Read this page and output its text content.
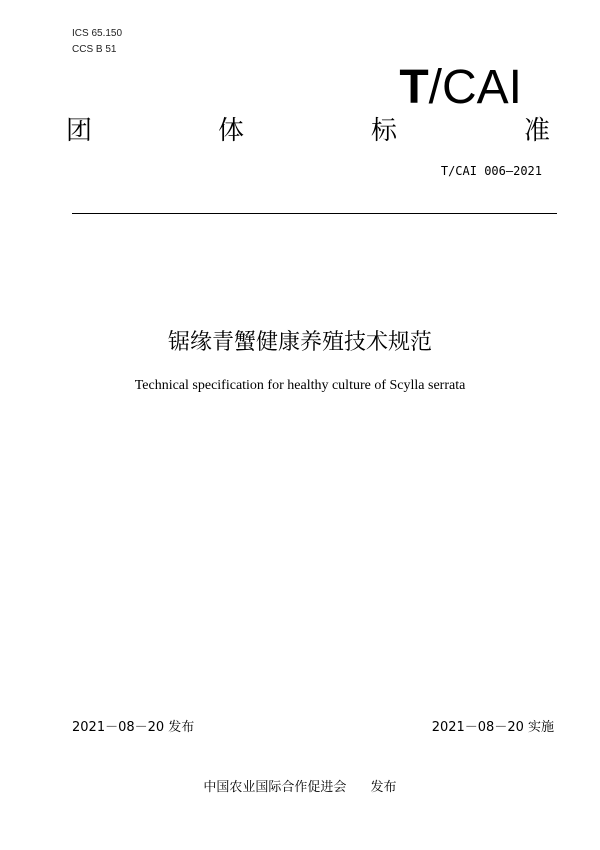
ICS 65.150
CCS B 51
T/CAI
团	体	标	准
T/CAI 006—2021
锯缘青蟹健康养殖技术规范
Technical specification for healthy culture of Scylla serrata
2021－08－20 发布	2021－08－20 实施
中国农业国际合作促进会 发布
